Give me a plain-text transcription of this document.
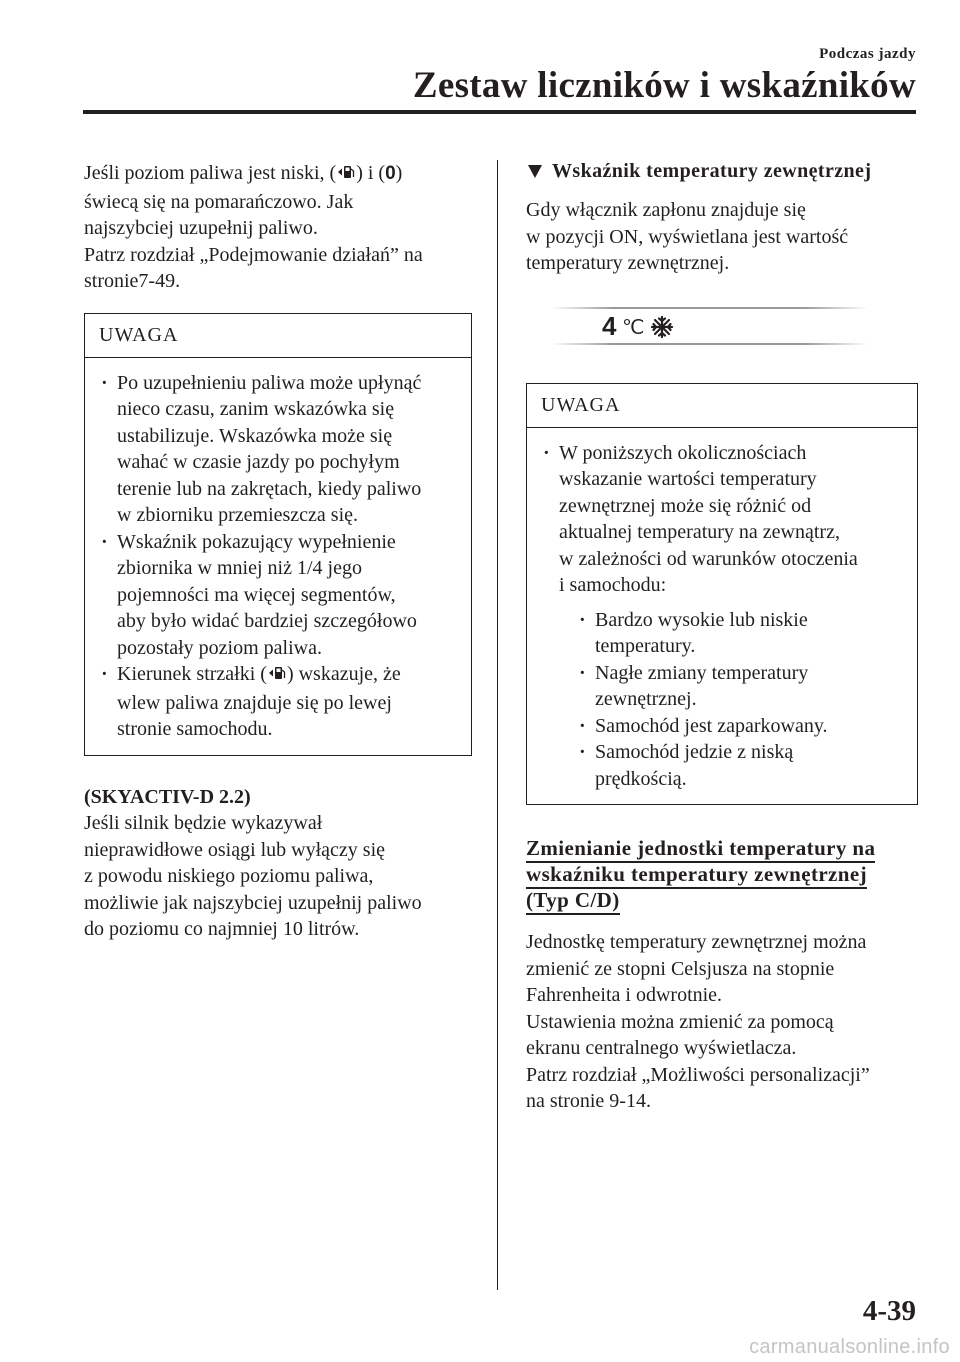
Podczas jazdy
Zestaw liczników i wskaźników

Jeśli poziom paliwa jest niski, ( ) i (0)
świecą się na pomarańczowo. Jak
najszybciej uzupełnij paliwo.
Patrz rozdział „Podejmowanie działań” na
stronie7-49.

UWAGA
· Po uzupełnieniu paliwa może upłynąć
nieco czasu, zanim wskazówka się
ustabilizuje. Wskazówka może się
wahać w czasie jazdy po pochyłym
terenie lub na zakrętach, kiedy paliwo
w zbiorniku przemieszcza się.
· Wskaźnik pokazujący wypełnienie
zbiornika w mniej niż 1/4 jego
pojemności ma więcej segmentów,
aby było widać bardziej szczegółowo
pozostały poziom paliwa.
· Kierunek strzałki ( ) wskazuje, że
wlew paliwa znajduje się po lewej
stronie samochodu.

(SKYACTIV-D 2.2)

Jeśli silnik będzie wykazywał
nieprawidłowe osiągi lub wyłączy się
z powodu niskiego poziomu paliwa,
możliwie jak najszybciej uzupełnij paliwo
do poziomu co najmniej 10 litrów.

Wskaźnik temperatury zewnętrznej

Gdy włącznik zapłonu znajduje się
w pozycji ON, wyświetlana jest wartość
temperatury zewnętrznej.

4 ℃
UWAGA
· W poniższych okolicznościach
wskazanie wartości temperatury
zewnętrznej może się różnić od
aktualnej temperatury na zewnątrz,
w zależności od warunków otoczenia
i samochodu:
· Bardzo wysokie lub niskie
temperatury.
· Nagłe zmiany temperatury
zewnętrznej.
· Samochód jest zaparkowany.
· Samochód jedzie z niską
prędkością.
Zmienianie jednostki temperatury na
wskaźniku temperatury zewnętrznej
(Typ C/D)

Jednostkę temperatury zewnętrznej można
zmienić ze stopni Celsjusza na stopnie
Fahrenheita i odwrotnie.
Ustawienia można zmienić za pomocą
ekranu centralnego wyświetlacza.
Patrz rozdział „Możliwości personalizacji”
na stronie 9-14.

4-39
carmanualsonline.info
